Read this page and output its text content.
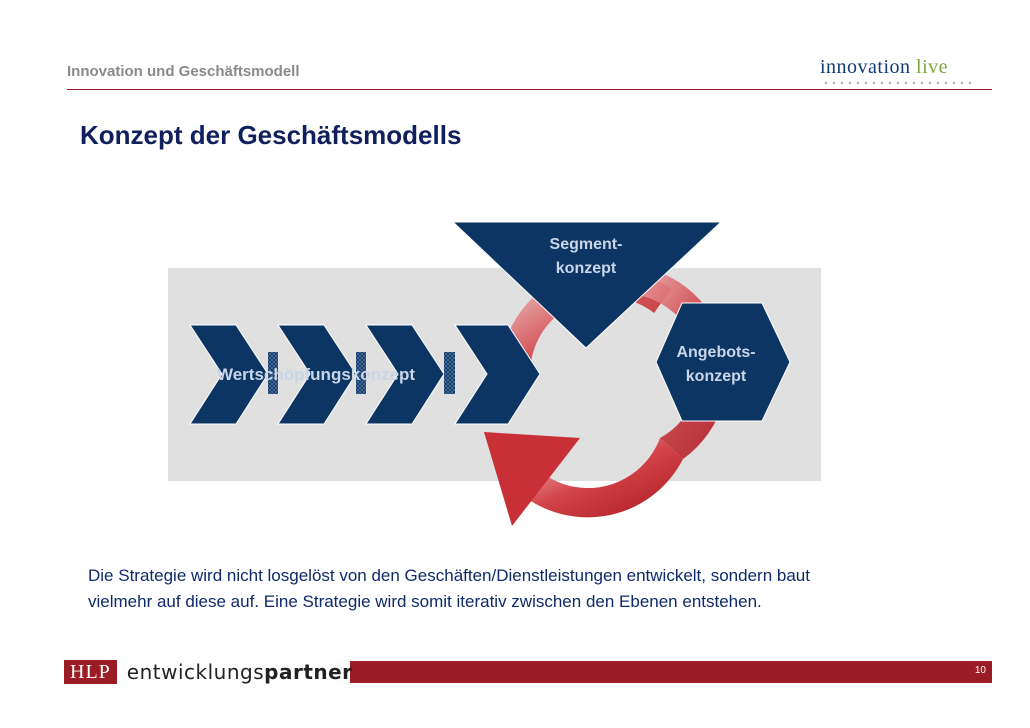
Innovation und Geschäftsmodell	innovation live
Konzept der Geschäftsmodells
Wertschöpfungskonzept
Segment-
konzept
Angebots-
konzept
Die Strategie wird nicht losgelöst von den Geschäften/Dienstleistungen entwickelt, sondern baut
vielmehr auf diese auf. Eine Strategie wird somit iterativ zwischen den Ebenen entstehen.
HLP entwicklungspartner	10
